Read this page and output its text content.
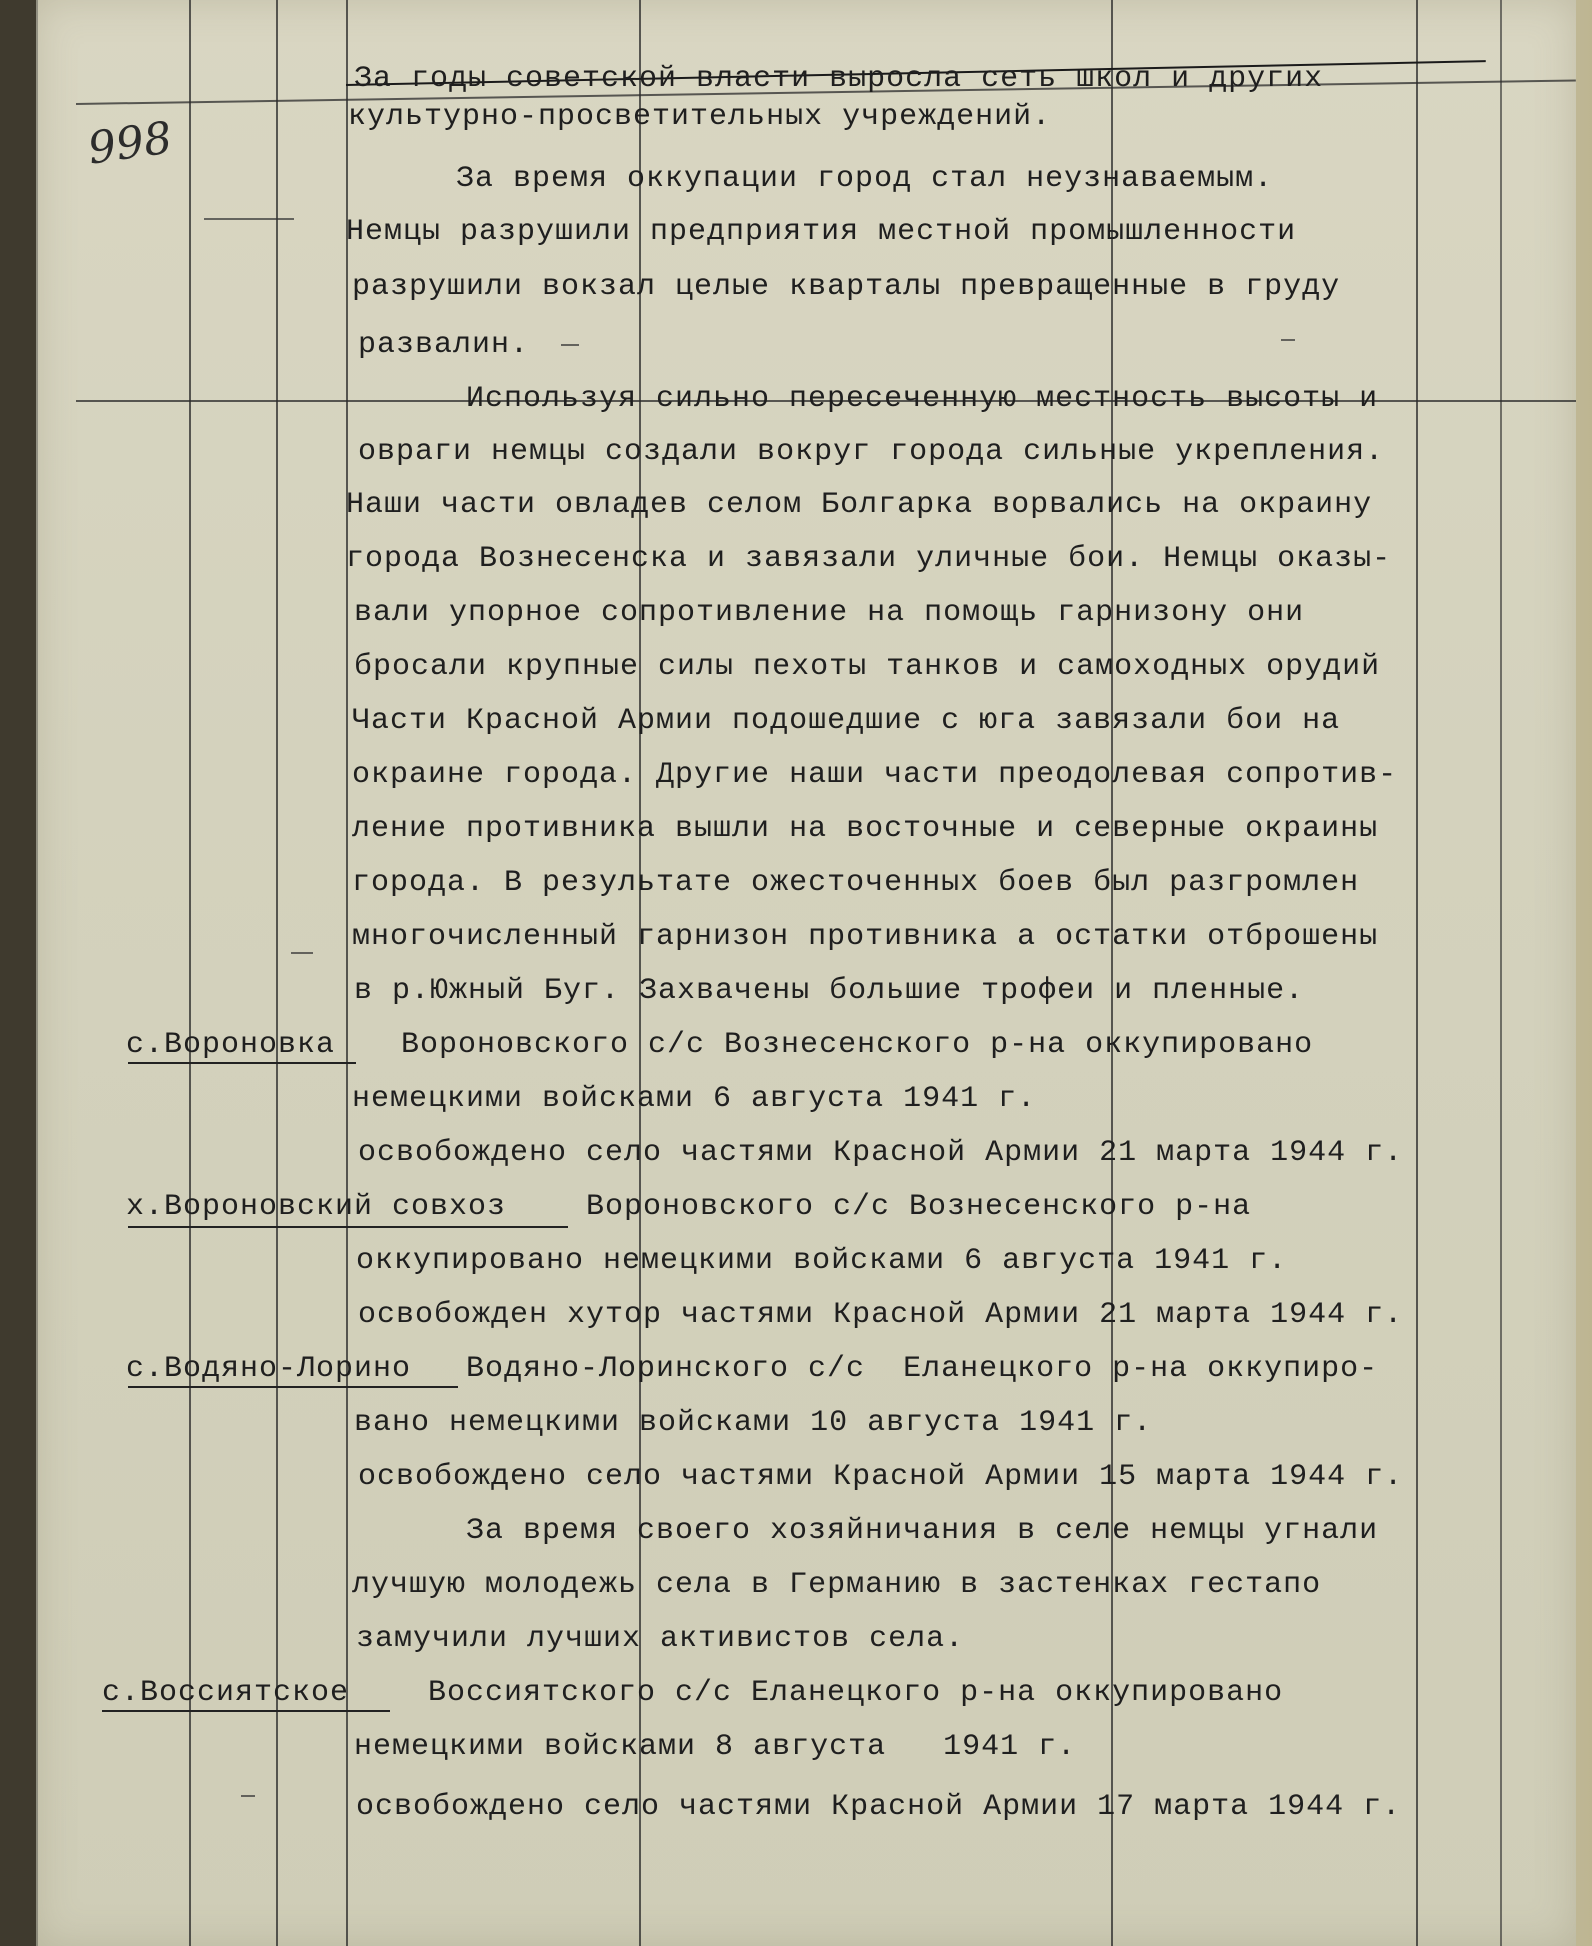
998
За годы советской власти выросла сеть школ и других
культурно-просветительных учреждений.
За время оккупации город стал неузнаваемым.
Немцы разрушили предприятия местной промышленности
разрушили вокзал целые кварталы превращенные в груду
развалин.
Используя сильно пересеченную местность высоты и
овраги немцы создали вокруг города сильные укрепления.
Наши части овладев селом Болгарка ворвались на окраину
города Вознесенска и завязали уличные бои. Немцы оказы-
вали упорное сопротивление на помощь гарнизону они
бросали крупные силы пехоты танков и самоходных орудий
Части Красной Армии подошедшие с юга завязали бои на
окраине города. Другие наши части преодолевая сопротив-
ление противника вышли на восточные и северные окраины
города. В результате ожесточенных боев был разгромлен
многочисленный гарнизон противника а остатки отброшены
в р.Южный Буг. Захвачены большие трофеи и пленные.
с.Вороновка Вороновского с/с Вознесенского р-на оккупировано
немецкими войсками 6 августа 1941 г.
освобождено село частями Красной Армии 21 марта 1944 г.
х.Вороновский совхоз	Вороновского с/с Вознесенского р-на
оккупировано немецкими войсками 6 августа 1941 г.
освобожден хутор частями Красной Армии 21 марта 1944 г.
с.Водяно-Лорино Водяно-Лоринского с/с  Еланецкого р-на оккупиро-
вано немецкими войсками 10 августа 1941 г.
освобождено село частями Красной Армии 15 марта 1944 г.
За время своего хозяйничания в селе немцы угнали
лучшую молодежь села в Германию в застенках гестапо
замучили лучших активистов села.
с.Воссиятское	Воссиятского с/с Еланецкого р-на оккупировано
немецкими войсками 8 августа   1941 г.
освобождено село частями Красной Армии 17 марта 1944 г.
